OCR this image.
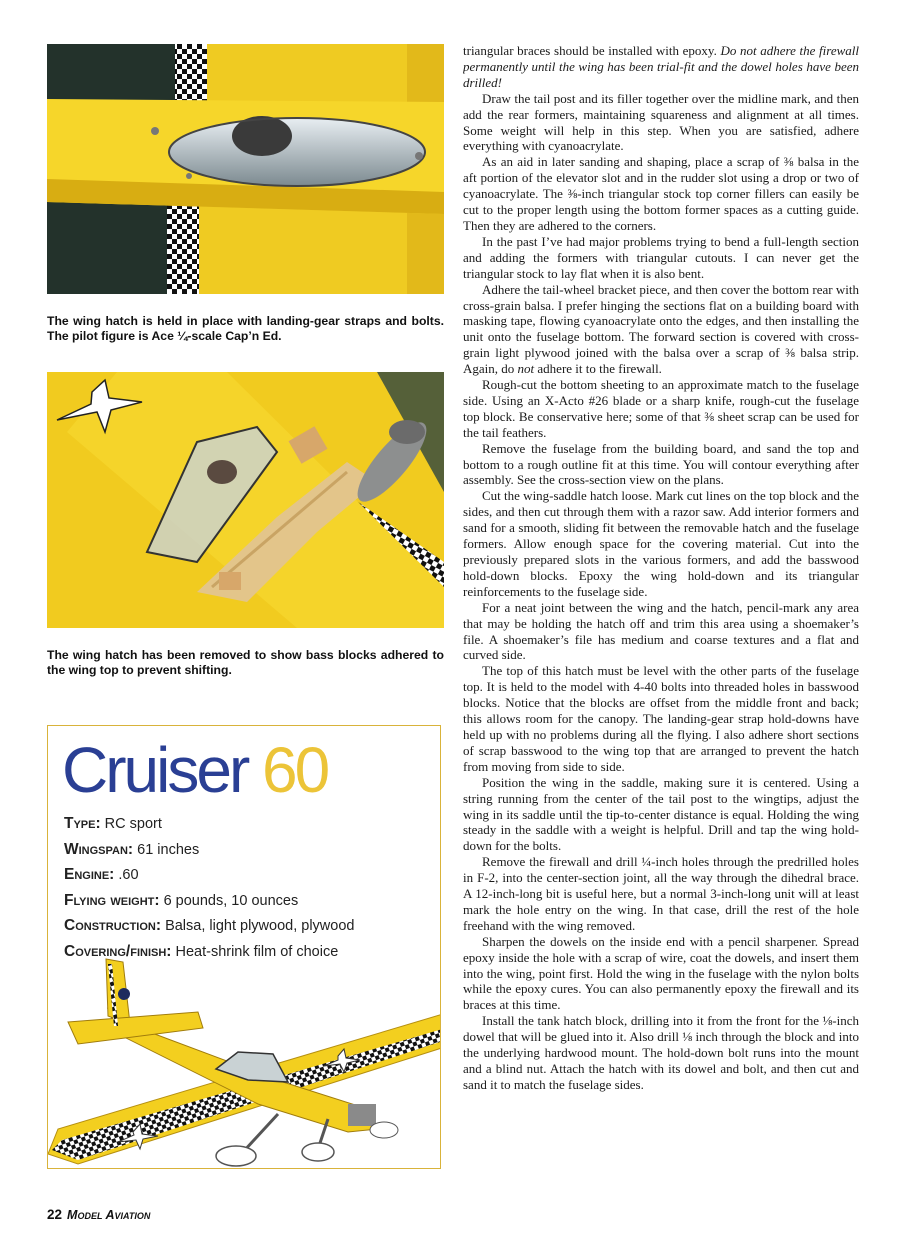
The wing hatch is held in place with landing-gear straps and bolts. The pilot figure is Ace ¼-scale Cap’n Ed.

The wing hatch has been removed to show bass blocks adhered to the wing top to prevent shifting.

Cruiser 60
Type: RC sport
Wingspan: 61 inches
Engine: .60
Flying weight: 6 pounds, 10 ounces
Construction: Balsa, light plywood, plywood
Covering/finish: Heat-shrink film of choice

triangular braces should be installed with epoxy. Do not adhere the firewall permanently until the wing has been trial-fit and the dowel holes have been drilled!

Draw the tail post and its filler together over the midline mark, and then add the rear formers, maintaining squareness and alignment at all times. Some weight will help in this step. When you are satisfied, adhere everything with cyanoacrylate.

As an aid in later sanding and shaping, place a scrap of ⅜ balsa in the aft portion of the elevator slot and in the rudder slot using a drop or two of cyanoacrylate. The ⅜-inch triangular stock top corner fillers can easily be cut to the proper length using the bottom former spaces as a cutting guide. Then they are adhered to the corners.

In the past I’ve had major problems trying to bend a full-length section and adding the formers with triangular cutouts. I can never get the triangular stock to lay flat when it is also bent.

Adhere the tail-wheel bracket piece, and then cover the bottom rear with cross-grain balsa. I prefer hinging the sections flat on a building board with masking tape, flowing cyanoacrylate onto the edges, and then installing the unit onto the fuselage bottom. The forward section is covered with cross-grain light plywood joined with the balsa over a scrap of ⅜ balsa strip. Again, do not adhere it to the firewall.

Rough-cut the bottom sheeting to an approximate match to the fuselage side. Using an X-Acto #26 blade or a sharp knife, rough-cut the fuselage top block. Be conservative here; some of that ⅜ sheet scrap can be used for the tail feathers.

Remove the fuselage from the building board, and sand the top and bottom to a rough outline fit at this time. You will contour everything after assembly. See the cross-section view on the plans.

Cut the wing-saddle hatch loose. Mark cut lines on the top block and the sides, and then cut through them with a razor saw. Add interior formers and sand for a smooth, sliding fit between the removable hatch and the fuselage formers. Allow enough space for the covering material. Cut into the previously prepared slots in the various formers, and add the basswood hold-down blocks. Epoxy the wing hold-down and its triangular reinforcements to the fuselage side.

For a neat joint between the wing and the hatch, pencil-mark any area that may be holding the hatch off and trim this area using a shoemaker’s file. A shoemaker’s file has medium and coarse textures and a flat and curved side.

The top of this hatch must be level with the other parts of the fuselage top. It is held to the model with 4-40 bolts into threaded holes in basswood blocks. Notice that the blocks are offset from the middle front and back; this allows room for the canopy. The landing-gear strap hold-downs have held up with no problems during all the flying. I also adhere short sections of scrap basswood to the wing top that are arranged to prevent the hatch from moving from side to side.

Position the wing in the saddle, making sure it is centered. Using a string running from the center of the tail post to the wingtips, adjust the wing in its saddle until the tip-to-center distance is equal. Holding the wing steady in the saddle with a weight is helpful. Drill and tap the wing hold-down for the bolts.

Remove the firewall and drill ¼-inch holes through the predrilled holes in F-2, into the center-section joint, all the way through the dihedral brace. A 12-inch-long bit is useful here, but a normal 3-inch-long unit will at least mark the hole entry on the wing. In that case, drill the rest of the hole freehand with the wing removed.

Sharpen the dowels on the inside end with a pencil sharpener. Spread epoxy inside the hole with a scrap of wire, coat the dowels, and insert them into the wing, point first. Hold the wing in the fuselage with the nylon bolts while the epoxy cures. You can also permanently epoxy the firewall and its braces at this time.

Install the tank hatch block, drilling into it from the front for the ⅛-inch dowel that will be glued into it. Also drill ⅛ inch through the block and into the underlying hardwood mount. The hold-down bolt runs into the mount and a blind nut. Attach the hatch with its dowel and bolt, and then cut and sand it to match the fuselage sides.

22 Model Aviation
